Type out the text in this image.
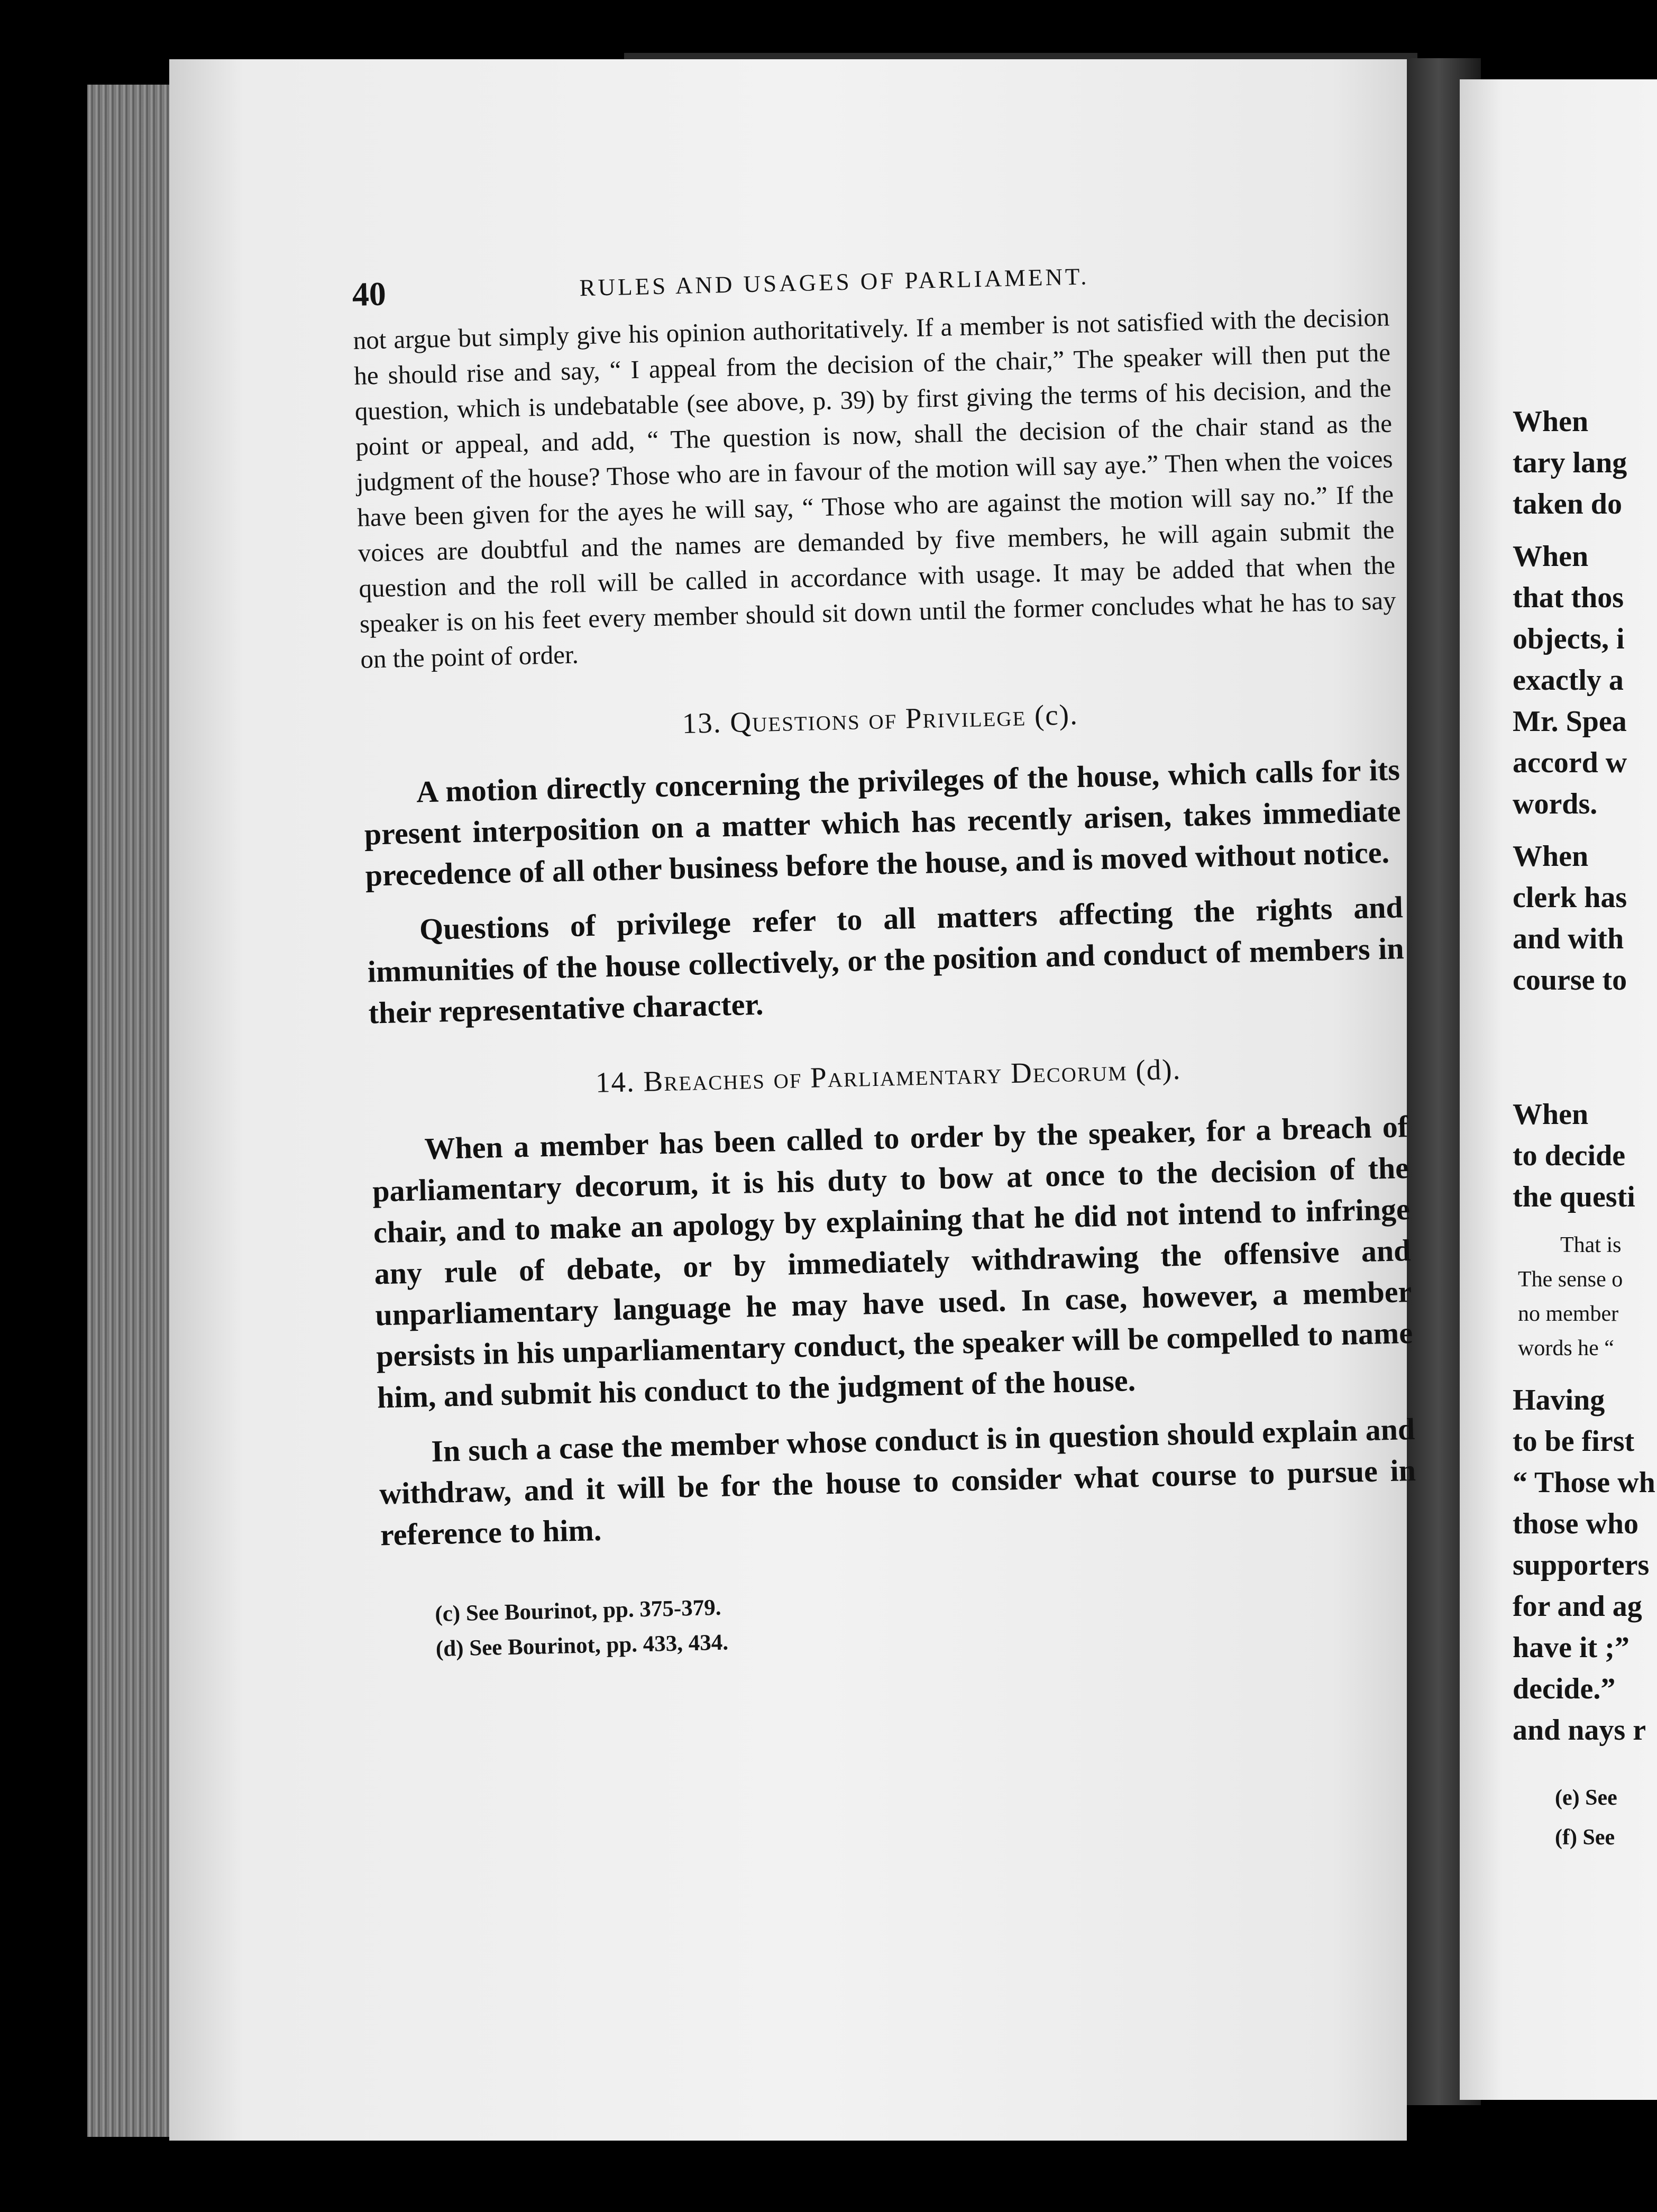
When
tary lang
taken do
When
that thos
objects, i
exactly a
Mr. Spea
accord w
words.
When
clerk has
and with
course to
When
to decide
the questi
That is
The sense o
no member
words he “
Having
to be first
“ Those wh
those who
supporters
for and ag
have it ;”
decide.”
and nays r
(e) See
(f) See
40	RULES AND USAGES OF PARLIAMENT.

not argue but simply give his opinion authoritatively. If a member is not satisfied with the decision he should rise and say, “ I appeal from the decision of the chair,” The speaker will then put the question, which is undebatable (see above, p. 39) by first giving the terms of his decision, and the point or appeal, and add, “ The question is now, shall the decision of the chair stand as the judgment of the house? Those who are in favour of the motion will say aye.” Then when the voices have been given for the ayes he will say, “ Those who are against the motion will say no.” If the voices are doubtful and the names are demanded by five members, he will again submit the question and the roll will be called in accordance with usage. It may be added that when the speaker is on his feet every member should sit down until the former concludes what he has to say on the point of order.

13. Questions of Privilege (c).

A motion directly concerning the privileges of the house, which calls for its present interposition on a matter which has recently arisen, takes immediate precedence of all other business before the house, and is moved without notice.

Questions of privilege refer to all matters affecting the rights and immunities of the house collectively, or the position and conduct of members in their representative character.

14. Breaches of Parliamentary Decorum (d).

When a member has been called to order by the speaker, for a breach of parliamentary decorum, it is his duty to bow at once to the decision of the chair, and to make an apology by explaining that he did not intend to infringe any rule of debate, or by immediately withdrawing the offensive and unparliamentary language he may have used. In case, however, a member persists in his unparliamentary conduct, the speaker will be compelled to name him, and submit his conduct to the judgment of the house.

In such a case the member whose conduct is in question should explain and withdraw, and it will be for the house to consider what course to pursue in reference to him.

(c) See Bourinot, pp. 375-379.

(d) See Bourinot, pp. 433, 434.
